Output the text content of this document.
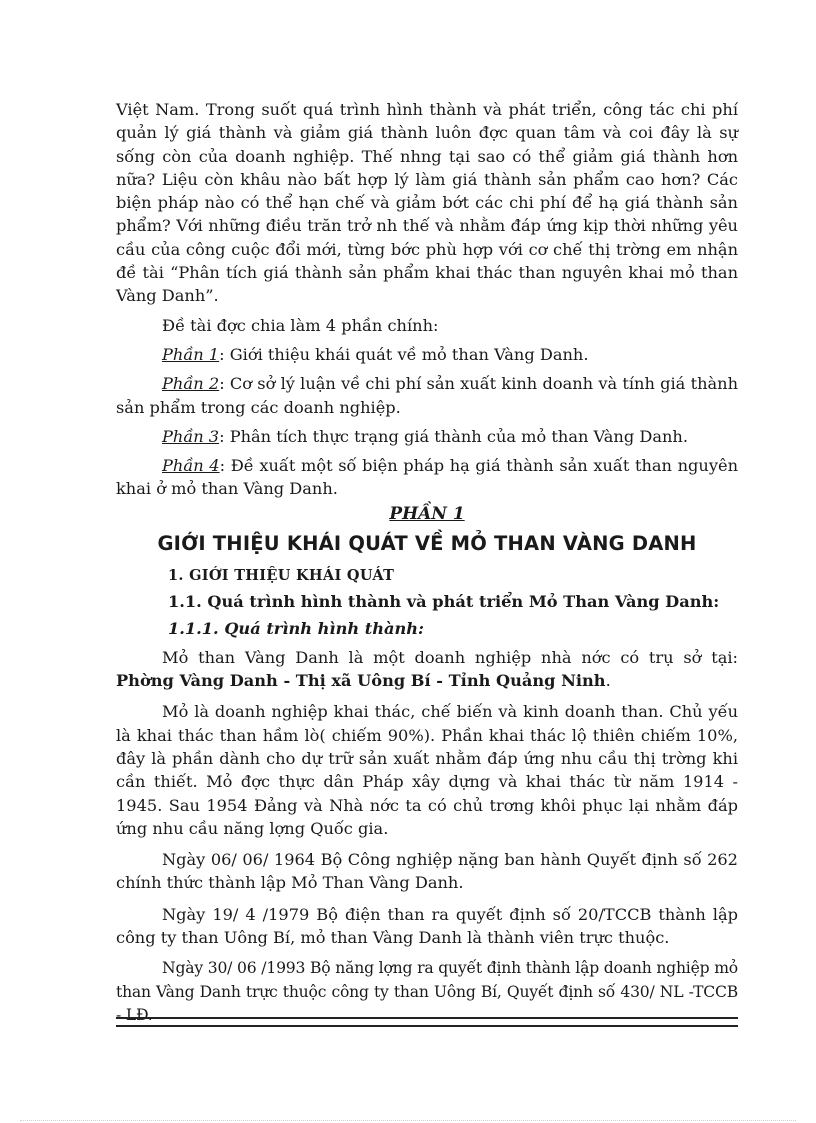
Việt Nam. Trong suốt quá trình hình thành và phát triển, công tác chi phí quản lý giá thành và giảm giá thành luôn đợc quan tâm và coi đây là sự sống còn của doanh nghiệp. Thế nhng tại sao có thể giảm giá thành hơn nữa? Liệu còn khâu nào bất hợp lý làm giá thành sản phẩm cao hơn? Các biện pháp nào có thể hạn chế và giảm bớt các chi phí để hạ giá thành sản phẩm? Với những điều trăn trở nh thế và nhằm đáp ứng kịp thời những yêu cầu của công cuộc đổi mới, từng bớc phù hợp với cơ chế thị trờng em nhận đề tài “Phân tích giá thành sản phẩm khai thác than nguyên khai mỏ than Vàng Danh”.

Đề tài đợc chia làm 4 phần chính:

Phần 1: Giới thiệu khái quát về mỏ than Vàng Danh.

Phần 2: Cơ sở lý luận về chi phí sản xuất kinh doanh và tính giá thành sản phẩm trong các doanh nghiệp.

Phần 3: Phân tích thực trạng giá thành của mỏ than Vàng Danh.

Phần 4: Đề xuất một số biện pháp hạ giá thành sản xuất than nguyên khai ở mỏ than Vàng Danh.

PHẦN 1
GIỚI THIỆU KHÁI QUÁT VỀ MỎ THAN VÀNG DANH
1. GIỚI THIỆU KHÁI QUÁT
1.1. Quá trình hình thành và phát triển Mỏ Than Vàng Danh:
1.1.1. Quá trình hình thành:

Mỏ than Vàng Danh là một doanh nghiệp nhà nớc có trụ sở tại: Phờng Vàng Danh - Thị xã Uông Bí - Tỉnh Quảng Ninh.

Mỏ là doanh nghiệp khai thác, chế biến và kinh doanh than. Chủ yếu là khai thác than hầm lò( chiếm 90%). Phần khai thác lộ thiên chiếm 10%, đây là phần dành cho dự trữ sản xuất nhằm đáp ứng nhu cầu thị trờng khi cần thiết. Mỏ đợc thực dân Pháp xây dựng và khai thác từ năm 1914 - 1945. Sau 1954 Đảng và Nhà nớc ta có chủ trơng khôi phục lại nhằm đáp ứng nhu cầu năng lợng Quốc gia.

Ngày 06/ 06/ 1964 Bộ Công nghiệp nặng ban hành Quyết định số 262 chính thức thành lập Mỏ Than Vàng Danh.

Ngày 19/ 4 /1979 Bộ điện than ra quyết định số 20/TCCB thành lập công ty than Uông Bí, mỏ than Vàng Danh là thành viên trực thuộc.

Ngày 30/ 06 /1993 Bộ năng lợng ra quyết định thành lập doanh nghiệp mỏ than Vàng Danh trực thuộc công ty than Uông Bí, Quyết định số 430/ NL -TCCB - LĐ.
